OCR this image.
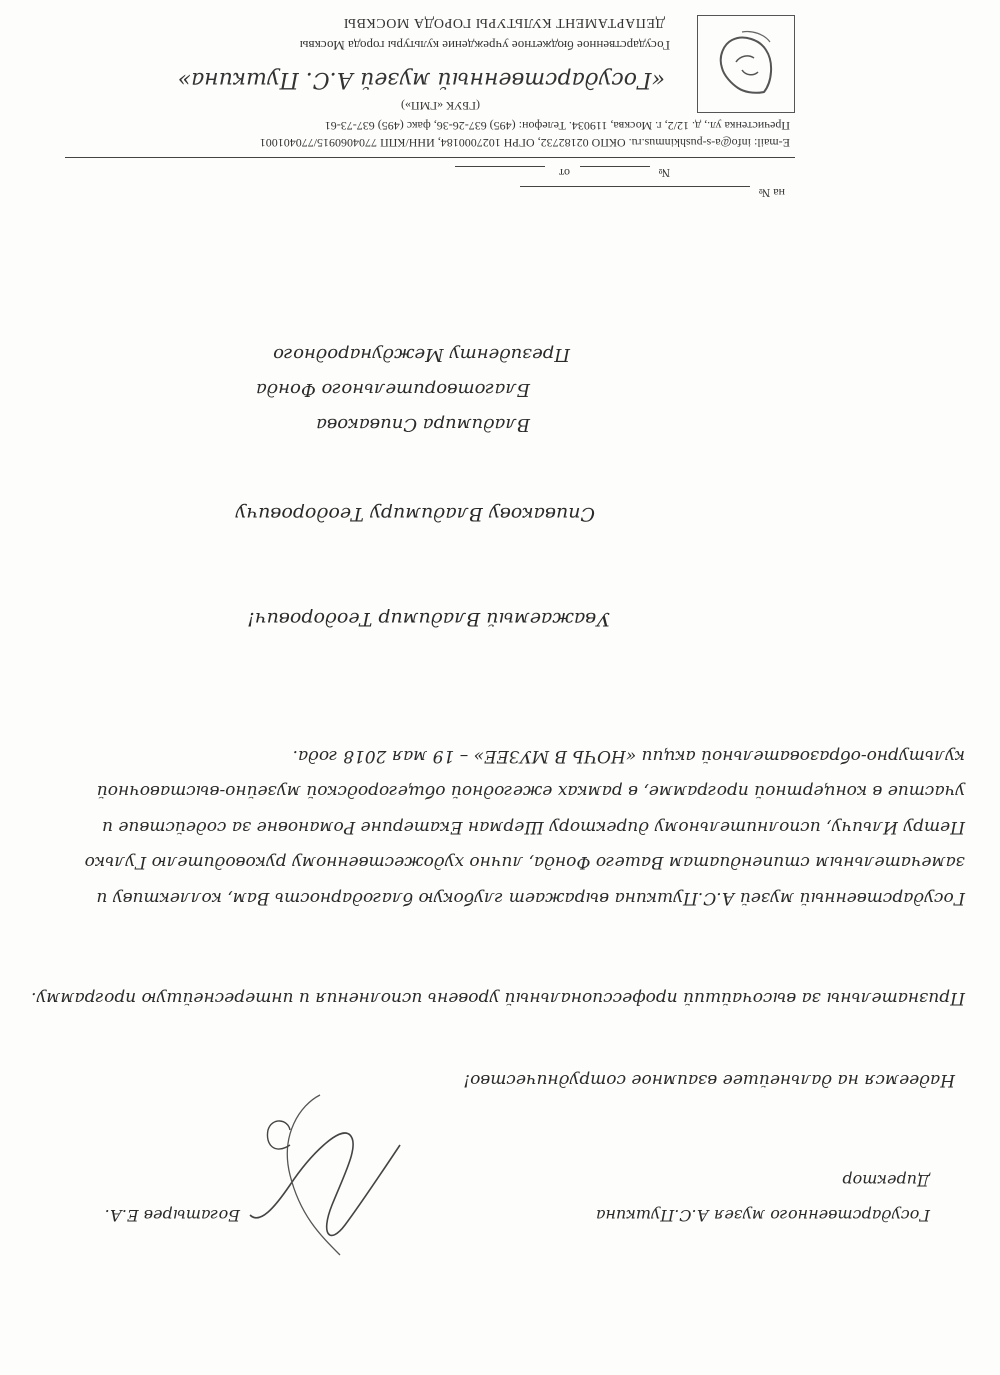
ДЕПАРТАМЕНТ КУЛЬТУРЫ ГОРОДА МОСКВЫ
Государственное бюджетное учреждение культуры города Москвы
«Государственный музей А.С. Пушкина»
(ГБУК «ГМП»)
Пречистенка ул., д. 12/2, г. Москва, 119034. Телефон: (495) 637-26-36, факс (495) 637-73-61
E-mail: info@a-s-pushkinmus.ru. ОКПО 02182732, ОГРН 1027000184, ИНН/КПП 7704060915/770401001
№
от
на №
Президенту Международного
Благотворительного Фонда
Владимира Спивакова
Спивакову Владимиру Теодоровичу
Уважаемый Владимир Теодорович!
Государственный музей А.С.Пушкина выражает глубокую благодарность Вам, коллективу и замечательным стипендиатам Вашего Фонда, лично художественному руководителю Гулько Петру Ильичу, исполнительному директору Шерман Екатерине Романовне за содействие и участие в концертной программе, в рамках ежегодной общегородской музейно-выставочной культурно-образовательной акции «НОЧЬ В МУЗЕЕ» – 19 мая 2018 года.
Признательны за высочайший профессиональный уровень исполнения и интереснейшую программу.
Надеемся на дальнейшее взаимное сотрудничество!
Директор
Государственного музея А.С.Пушкина
Богатырев Е.А.
